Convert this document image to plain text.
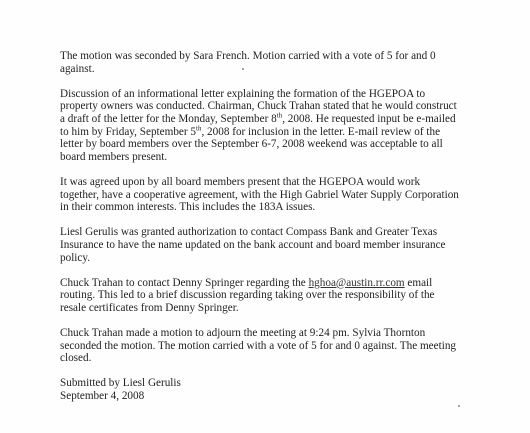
The motion was seconded by Sara French. Motion carried with a vote of 5 for and 0
against.
Discussion of an informational letter explaining the formation of the HGEPOA to
property owners was conducted. Chairman, Chuck Trahan stated that he would construct
a draft of the letter for the Monday, September 8th, 2008. He requested input be e-mailed
to him by Friday, September 5th, 2008 for inclusion in the letter. E-mail review of the
letter by board members over the September 6-7, 2008 weekend was acceptable to all
board members present.
It was agreed upon by all board members present that the HGEPOA would work
together, have a cooperative agreement, with the High Gabriel Water Supply Corporation
in their common interests. This includes the 183A issues.
Liesl Gerulis was granted authorization to contact Compass Bank and Greater Texas
Insurance to have the name updated on the bank account and board member insurance
policy.
Chuck Trahan to contact Denny Springer regarding the hghoa@austin.rr.com email
routing. This led to a brief discussion regarding taking over the responsibility of the
resale certificates from Denny Springer.
Chuck Trahan made a motion to adjourn the meeting at 9:24 pm. Sylvia Thornton
seconded the motion. The motion carried with a vote of 5 for and 0 against. The meeting
closed.
Submitted by Liesl Gerulis
September 4, 2008
